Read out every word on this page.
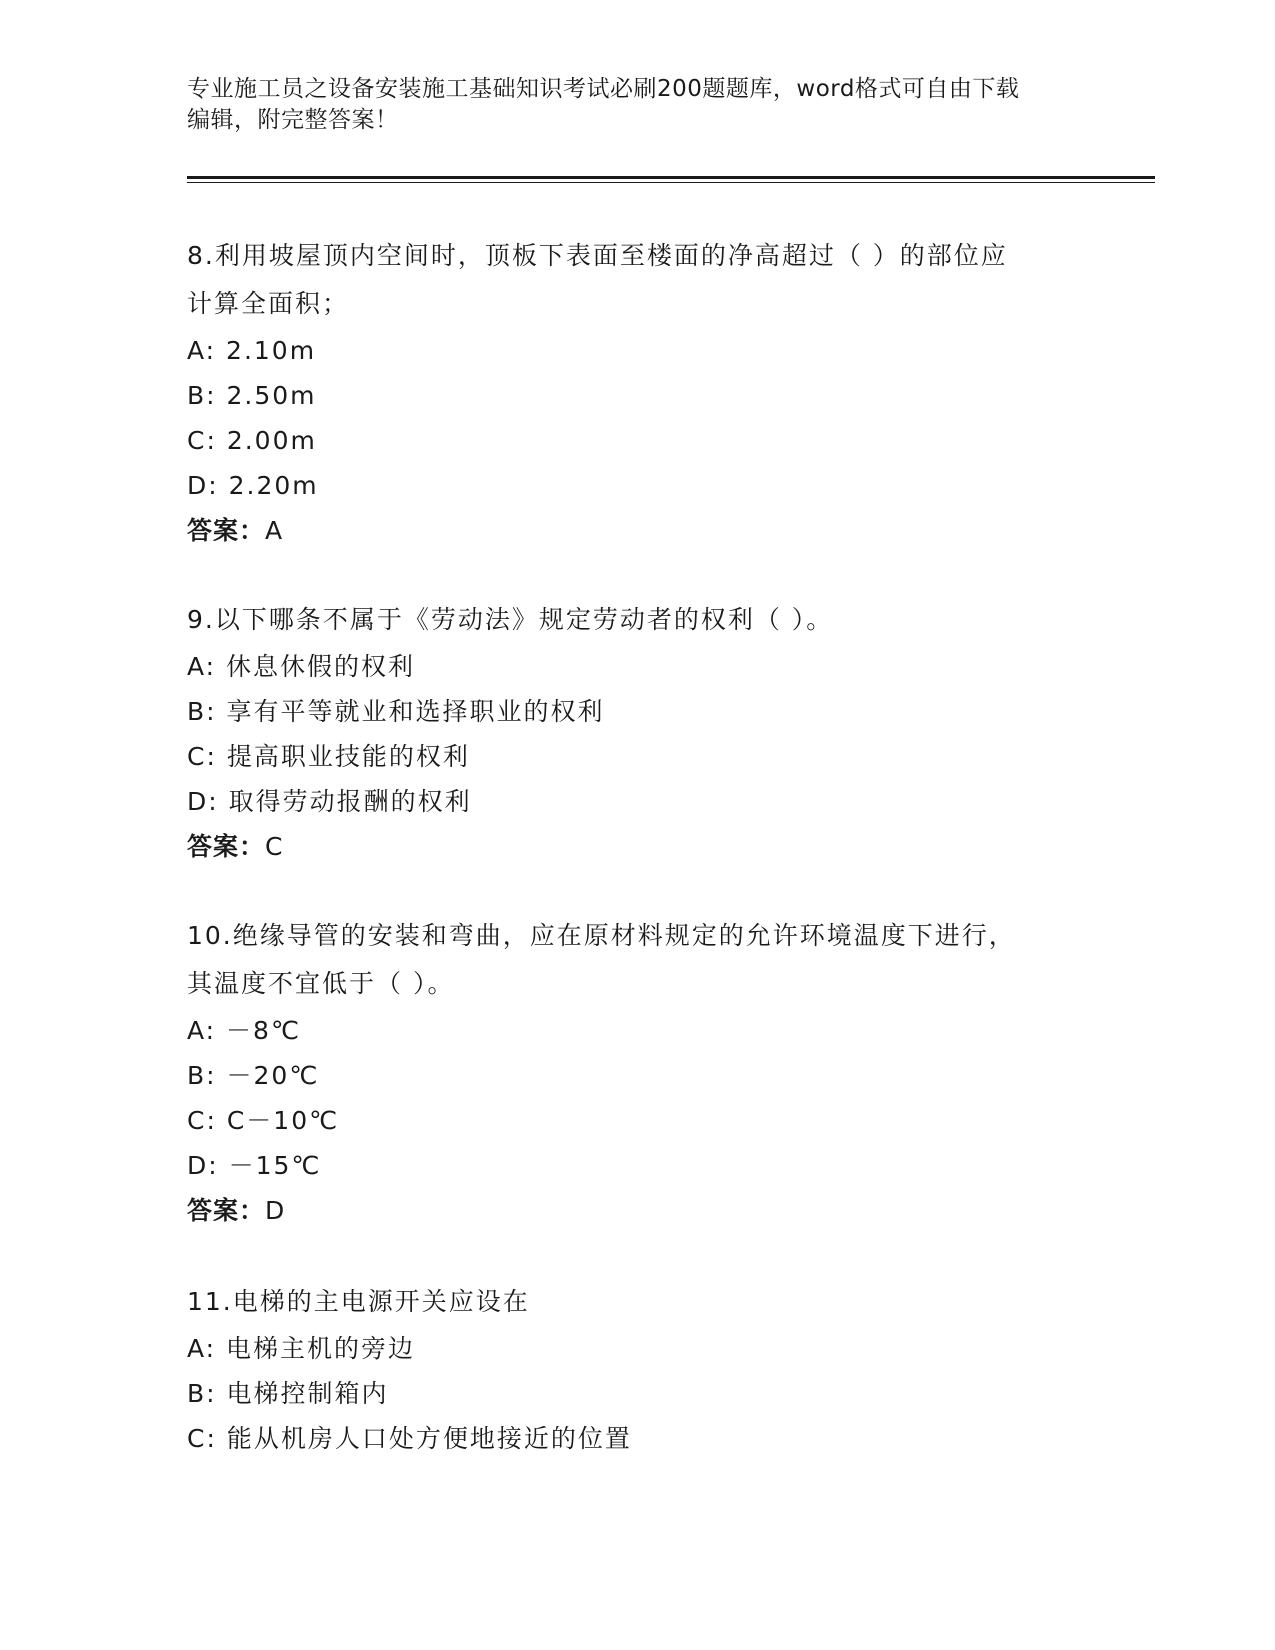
专业施工员之设备安装施工基础知识考试必刷200题题库，word格式可自由下载
编辑，附完整答案！

8.利用坡屋顶内空间时，顶板下表面至楼面的净高超过（ ）的部位应

计算全面积；

A: 2.10m

B: 2.50m

C: 2.00m

D: 2.20m

答案：A

9.以下哪条不属于《劳动法》规定劳动者的权利（ ）。

A: 休息休假的权利

B: 享有平等就业和选择职业的权利

C: 提高职业技能的权利

D: 取得劳动报酬的权利

答案：C

10.绝缘导管的安装和弯曲，应在原材料规定的允许环境温度下进行，

其温度不宜低于（ ）。

A: －8℃

B: －20℃

C: C－10℃

D: －15℃

答案：D

11.电梯的主电源开关应设在

A: 电梯主机的旁边

B: 电梯控制箱内

C: 能从机房人口处方便地接近的位置
